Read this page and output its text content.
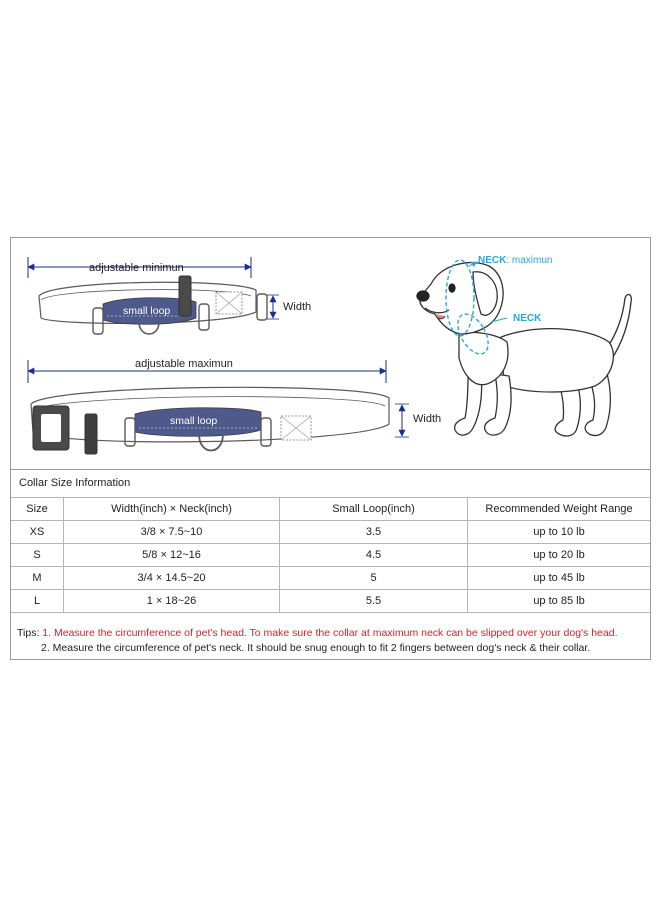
adjustable minimun
small loop	Width
adjustable maximun
small loop	Width
NECK: maximun
NECK
Collar Size Information
Size	Width(inch) × Neck(inch)	Small Loop(inch)	Recommended Weight Range
XS	3/8 × 7.5~10	3.5	up to 10 lb
S	5/8 × 12~16	4.5	up to 20 lb
M	3/4 × 14.5~20	5	up to 45 lb
L	1 × 18~26	5.5	up to 85 lb
Tips: 1. Measure the circumference of pet's head. To make sure the collar at maximum neck can be slipped over your dog's head.
2. Measure the circumference of pet's neck. It should be snug enough to fit 2 fingers between dog's neck & their collar.
